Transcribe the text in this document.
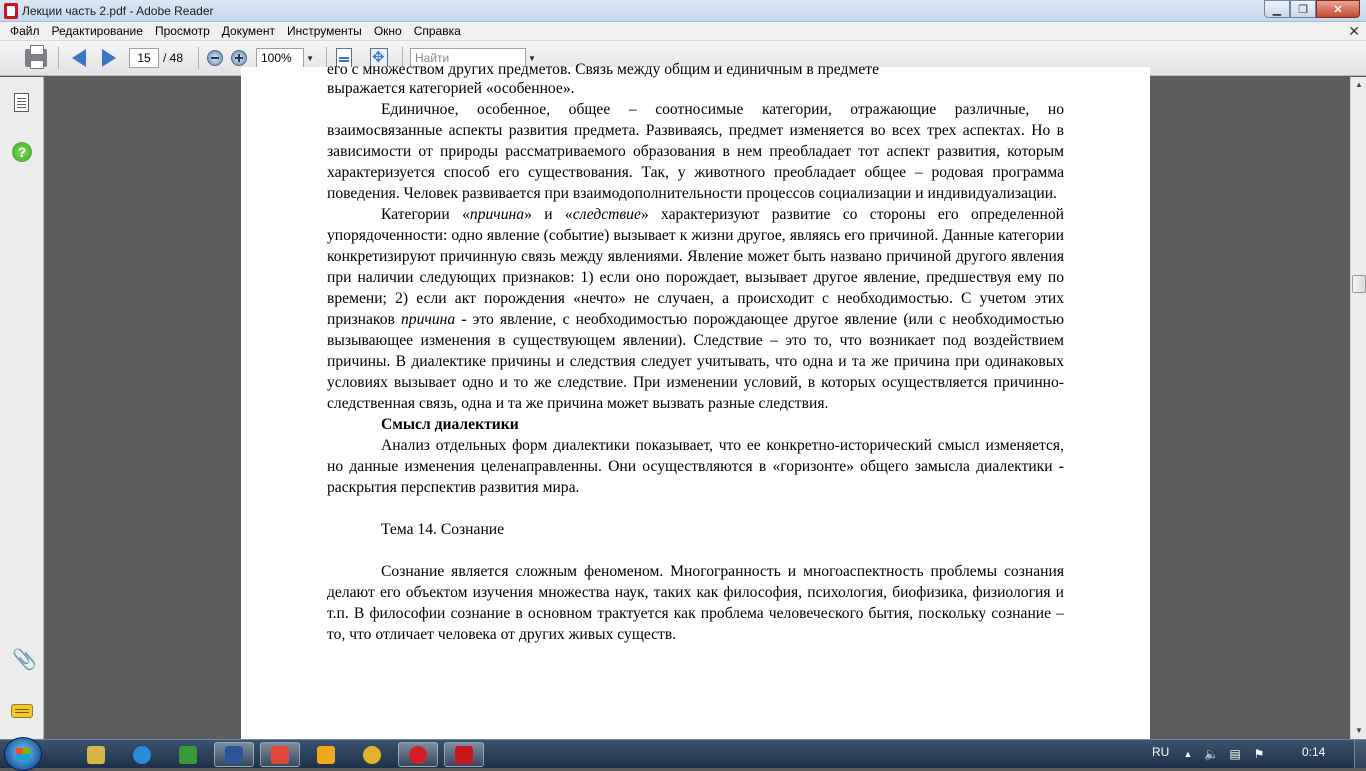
Лекции часть 2.pdf - Adobe Reader	▁	❐	✕
Файл	Редактирование	Просмотр	Документ	Инструменты	Окно	Справка	✕
15	/ 48	100%	▼
✥	Найти	▼
?
📎

его с множеством других предметов. Связь между общим и единичным в предмете

выражается категорией «особенное».

Единичное, особенное, общее – соотносимые категории, отражающие различные, но взаимосвязанные аспекты развития предмета. Развиваясь, предмет изменяется во всех трех аспектах. Но в зависимости от природы рассматриваемого образования в нем преобладает тот аспект развития, которым характеризуется способ его существования. Так, у животного преобладает общее – родовая программа поведения. Человек развивается при взаимодополнительности процессов социализации и индивидуализации.

Категории «причина» и «следствие» характеризуют развитие со стороны его определенной упорядоченности: одно явление (событие) вызывает к жизни другое, являясь его причиной. Данные категории конкретизируют причинную связь между явлениями. Явление может быть названо причиной другого явления при наличии следующих признаков: 1) если оно порождает, вызывает другое явление, предшествуя ему по времени; 2) если акт порождения «нечто» не случаен, а происходит с необходимостью. С учетом этих признаков причина - это явление, с необходимостью порождающее другое явление (или с необходимостью вызывающее изменения в существующем явлении). Следствие – это то, что возникает под воздействием причины. В диалектике причины и следствия следует учитывать, что одна и та же причина при одинаковых условиях вызывает одно и то же следствие. При изменении условий, в которых осуществляется причинно-следственная связь, одна и та же причина может вызвать разные следствия.

Смысл диалектики

Анализ отдельных форм диалектики показывает, что ее конкретно-исторический смысл изменяется, но данные изменения целенаправленны. Они осуществляются в «горизонте» общего замысла диалектики - раскрытия перспектив развития мира.

Тема 14. Сознание

Сознание является сложным феноменом. Многогранность и многоаспектность проблемы сознания делают его объектом изучения множества наук, таких как философия, психология, биофизика, физиология и т.п. В философии сознание в основном трактуется как проблема человеческого бытия, поскольку сознание – то, что отличает человека от других живых существ.

▲
▼
RU ▲ 🔈 ▤ ⚑	0:14
